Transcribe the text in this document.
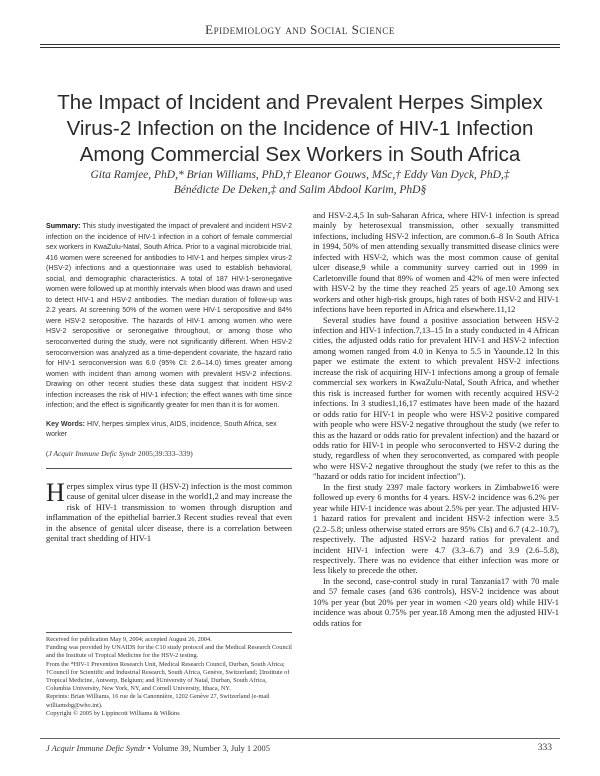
Epidemiology and Social Science
The Impact of Incident and Prevalent Herpes Simplex Virus-2 Infection on the Incidence of HIV-1 Infection Among Commercial Sex Workers in South Africa
Gita Ramjee, PhD,* Brian Williams, PhD,† Eleanor Gouws, MSc,† Eddy Van Dyck, PhD,‡
Bénédicte De Deken,‡ and Salim Abdool Karim, PhD§
Summary: This study investigated the impact of prevalent and incident HSV-2 infection on the incidence of HIV-1 infection in a cohort of female commercial sex workers in KwaZulu-Natal, South Africa. Prior to a vaginal microbicide trial, 416 women were screened for antibodies to HIV-1 and herpes simplex virus-2 (HSV-2) infections and a questionnaire was used to establish behavioral, social, and demographic characteristics. A total of 187 HIV-1-seronegative women were followed up at monthly intervals when blood was drawn and used to detect HIV-1 and HSV-2 antibodies. The median duration of follow-up was 2.2 years. At screening 50% of the women were HIV-1 seropositive and 84% were HSV-2 seropositive. The hazards of HIV-1 among women who were HSV-2 seropositive or seronegative throughout, or among those who seroconverted during the study, were not significantly different. When HSV-2 seroconversion was analyzed as a time-dependent covariate, the hazard ratio for HIV-1 seroconversion was 6.0 (95% CI: 2.6–14.0) times greater among women with incident than among women with prevalent HSV-2 infections. Drawing on other recent studies these data suggest that incident HSV-2 infection increases the risk of HIV-1 infection; the effect wanes with time since infection; and the effect is significantly greater for men than it is for women.
Key Words: HIV, herpes simplex virus, AIDS, incidence, South Africa, sex worker
(J Acquir Immune Defic Syndr 2005;39:333–339)
H erpes simplex virus type II (HSV-2) infection is the most common cause of genital ulcer disease in the world1,2 and may increase the risk of HIV-1 transmission to women through disruption and inflammation of the epithelial barrier.3 Recent studies reveal that even in the absence of genital ulcer disease, there is a correlation between genital tract shedding of HIV-1

and HSV-2.4,5 In sub-Saharan Africa, where HIV-1 infection is spread mainly by heterosexual transmission, other sexually transmitted infections, including HSV-2 infection, are common.6–8 In South Africa in 1994, 50% of men attending sexually transmitted disease clinics were infected with HSV-2, which was the most common cause of genital ulcer disease,9 while a community survey carried out in 1999 in Carletonville found that 89% of women and 42% of men were infected with HSV-2 by the time they reached 25 years of age.10 Among sex workers and other high-risk groups, high rates of both HSV-2 and HIV-1 infections have been reported in Africa and elsewhere.11,12

Several studies have found a positive association between HSV-2 infection and HIV-1 infection.7,13–15 In a study conducted in 4 African cities, the adjusted odds ratio for prevalent HIV-1 and HSV-2 infection among women ranged from 4.0 in Kenya to 5.5 in Yaounde.12 In this paper we estimate the extent to which prevalent HSV-2 infections increase the risk of acquiring HIV-1 infections among a group of female commercial sex workers in KwaZulu-Natal, South Africa, and whether this risk is increased further for women with recently acquired HSV-2 infections. In 3 studies1,16,17 estimates have been made of the hazard or odds ratio for HIV-1 in people who were HSV-2 positive compared with people who were HSV-2 negative throughout the study (we refer to this as the hazard or odds ratio for prevalent infection) and the hazard or odds ratio for HIV-1 in people who seroconverted to HSV-2 during the study, regardless of when they seroconverted, as compared with people who were HSV-2 negative throughout the study (we refer to this as the "hazard or odds ratio for incident infection").

In the first study 2397 male factory workers in Zimbabwe16 were followed up every 6 months for 4 years. HSV-2 incidence was 6.2% per year while HIV-1 incidence was about 2.5% per year. The adjusted HIV-1 hazard ratios for prevalent and incident HSV-2 infection were 3.5 (2.2–5.8; unless otherwise stated errors are 95% CIs) and 6.7 (4.2–10.7), respectively. The adjusted HSV-2 hazard ratios for prevalent and incident HIV-1 infection were 4.7 (3.3–6.7) and 3.9 (2.6–5.8), respectively. There was no evidence that either infection was more or less likely to precede the other.

In the second, case-control study in rural Tanzania17 with 70 male and 57 female cases (and 636 controls), HSV-2 incidence was about 10% per year (but 20% per year in women <20 years old) while HIV-1 incidence was about 0.75% per year.18 Among men the adjusted HIV-1 odds ratios for

Received for publication May 9, 2004; accepted August 26, 2004.
Funding was provided by UNAIDS for the C10 study protocol and the Medical Research Council and the Institute of Tropical Medicine for the HSV-2 testing.
From the *HIV-1 Prevention Research Unit, Medical Research Council, Durban, South Africa; †Council for Scientific and Industrial Research, South Africa, Genève, Switzerland; ‡Institute of Tropical Medicine, Antwerp, Belgium; and §University of Natal, Durban, South Africa, Columbia University, New York, NY, and Cornell University, Ithaca, NY.
Reprints: Brian Williams, 16 rue de la Canonnière, 1202 Genève 27, Switzerland (e-mail williamsbg@who.int).
Copyright © 2005 by Lippincott Williams & Wilkins
J Acquir Immune Defic Syndr • Volume 39, Number 3, July 1 2005	333
